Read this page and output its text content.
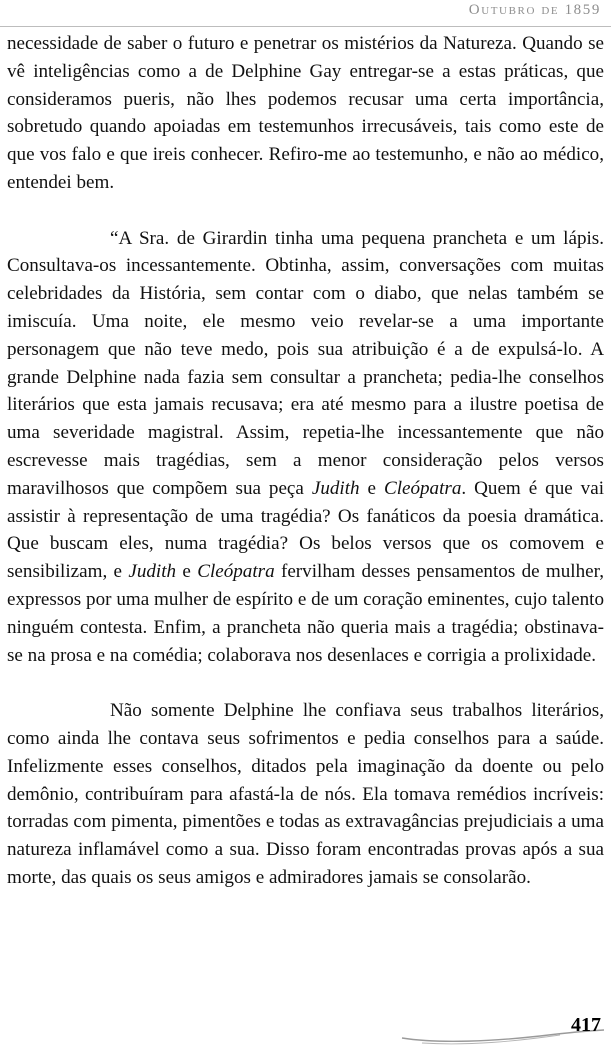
Outubro de 1859

necessidade de saber o futuro e penetrar os mistérios da Natureza. Quando se vê inteligências como a de Delphine Gay entregar-se a estas práticas, que consideramos pueris, não lhes podemos recusar uma certa importância, sobretudo quando apoiadas em testemunhos irrecusáveis, tais como este de que vos falo e que ireis conhecer. Refiro-me ao testemunho, e não ao médico, entendei bem.

“A Sra. de Girardin tinha uma pequena prancheta e um lápis. Consultava-os incessantemente. Obtinha, assim, conversações com muitas celebridades da História, sem contar com o diabo, que nelas também se imiscuía. Uma noite, ele mesmo veio revelar-se a uma importante personagem que não teve medo, pois sua atribuição é a de expulsá-lo. A grande Delphine nada fazia sem consultar a prancheta; pedia-lhe conselhos literários que esta jamais recusava; era até mesmo para a ilustre poetisa de uma severidade magistral. Assim, repetia-lhe incessantemente que não escrevesse mais tragédias, sem a menor consideração pelos versos maravilhosos que compõem sua peça Judith e Cleópatra. Quem é que vai assistir à representação de uma tragédia? Os fanáticos da poesia dramática. Que buscam eles, numa tragédia? Os belos versos que os comovem e sensibilizam, e Judith e Cleópatra fervilham desses pensamentos de mulher, expressos por uma mulher de espírito e de um coração eminentes, cujo talento ninguém contesta. Enfim, a prancheta não queria mais a tragédia; obstinava-se na prosa e na comédia; colaborava nos desenlaces e corrigia a prolixidade.

Não somente Delphine lhe confiava seus trabalhos literários, como ainda lhe contava seus sofrimentos e pedia conselhos para a saúde. Infelizmente esses conselhos, ditados pela imaginação da doente ou pelo demônio, contribuíram para afastá-la de nós. Ela tomava remédios incríveis: torradas com pimenta, pimentões e todas as extravagâncias prejudiciais a uma natureza inflamável como a sua. Disso foram encontradas provas após a sua morte, das quais os seus amigos e admiradores jamais se consolarão.

417
